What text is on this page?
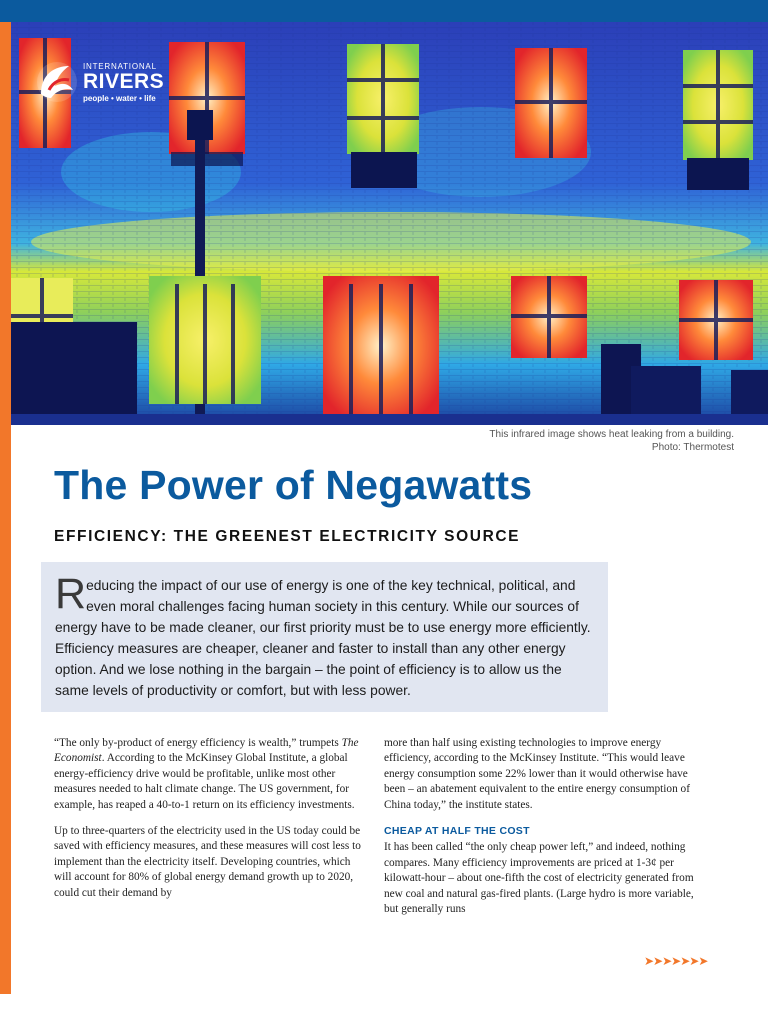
INTERNATIONAL
RIVERS
people • water • life
This infrared image shows heat leaking from a building. Photo: Thermotest
The Power of Negawatts
EFFICIENCY: THE GREENEST ELECTRICITY SOURCE

Reducing the impact of our use of energy is one of the key technical, political, and even moral challenges facing human society in this century. While our sources of energy have to be made cleaner, our first priority must be to use energy more efficiently. Efficiency measures are cheaper, cleaner and faster to install than any other energy option. And we lose nothing in the bargain – the point of efficiency is to allow us the same levels of productivity or comfort, but with less power.

“The only by-product of energy efficiency is wealth,” trumpets The Economist. According to the McKinsey Global Institute, a global energy-efficiency drive would be profitable, unlike most other measures needed to halt climate change. The US government, for example, has reaped a 40-to-1 return on its efficiency investments.

Up to three-quarters of the electricity used in the US today could be saved with efficiency measures, and these measures will cost less to implement than the electricity itself. Developing countries, which will account for 80% of global energy demand growth up to 2020, could cut their demand by

more than half using existing technologies to improve energy efficiency, according to the McKinsey Institute. “This would leave energy consumption some 22% lower than it would otherwise have been – an abatement equivalent to the entire energy consumption of China today,” the institute states.

CHEAP AT HALF THE COST

It has been called “the only cheap power left,” and indeed, nothing compares. Many efficiency improvements are priced at 1-3¢ per kilowatt-hour – about one-fifth the cost of electricity generated from new coal and natural gas-fired plants. (Large hydro is more variable, but generally runs

➤➤➤➤➤➤➤
